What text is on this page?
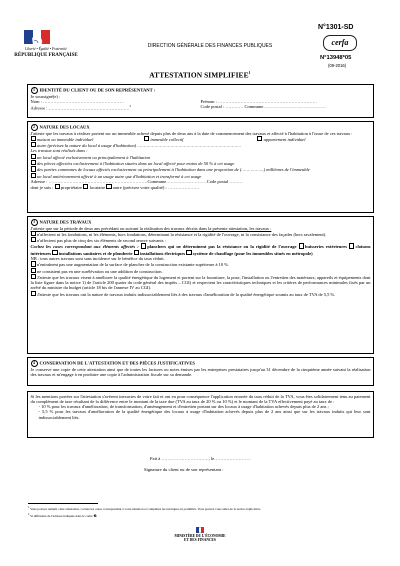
Liberté • Égalité • Fraternité
RÉPUBLIQUE FRANÇAISE
DIRECTION GÉNÉRALE DES FINANCES PUBLIQUES
N°1301-SD
cerfa
N°13948*05
(09-2016)
ATTESTATION SIMPLIFIEE$^1$

1 IDENTITÉ DU CLIENT OU DE SON REPRÉSENTANT :

Je soussigné(e) :

Nom : ………………………………………………	Prénom : …………………………………………………………
Adresse : ………………………………………………$^2$	Code postal : ………… Commune……………………………………

2 NATURE DES LOCAUX

J'atteste que les travaux à réaliser portent sur un immeuble achevé depuis plus de deux ans à la date de commencement des travaux et affecté à l'habitation à l'issue de ces travaux :

maison ou immeuble individuel	immeuble collectif	appartement individuel

autre (précisez la nature du local à usage d'habitation) ……………………………………………………………………

Les travaux sont réalisés dans :

un local affecté exclusivement ou principalement à l'habitation

des pièces affectées exclusivement à l'habitation situées dans un local affecté pour moins de 50 % à cet usage

des parties communes de locaux affectés exclusivement ou principalement à l'habitation dans une proportion de (……………..) millièmes de l'immeuble

un local antérieurement affecté à un usage autre que d'habitation et transformé à cet usage

Adresse : …………………………………………………………Commune………………………Code postal ………

dont je suis : propriétaire locataire autre (précisez votre qualité) : …………………

3 NATURE DES TRAVAUX

J'atteste que sur la période de deux ans précédant ou suivant la réalisation des travaux décrits dans la présente attestation, les travaux :

n'affectent ni les fondations, ni les éléments, hors fondations, déterminant la résistance et la rigidité de l'ouvrage, ni la consistance des façades (hors ravalement).

n'affectent pas plus de cinq des six éléments de second œuvre suivants :

Cochez les cases correspondant aux éléments affectés : planchers qui ne déterminent pas la résistance ou la rigidité de l'ouvrage huisseries extérieures cloisons intérieures installations sanitaires et de plomberie installations électriques système de chauffage (pour les immeubles situés en métropole)

NB : tous autres travaux sont sans incidence sur le bénéfice du taux réduit.

n'entraînent pas une augmentation de la surface de plancher de la construction existante supérieure à 10 %.

ne consistent pas en une surélévation ou une addition de construction.

J'atteste que les travaux visent à améliorer la qualité énergétique du logement et portent sur la fourniture, la pose, l'installation ou l'entretien des matériaux, appareils et équipements dont la liste figure dans la notice 1) de l'article 200 quater du code général des impôts – CGI) et respectent les caractéristiques techniques et les critères de performances minimales fixés par un arrêté du ministre du budget (article 18 bis de l'annexe IV au CGI).

J'atteste que les travaux ont la nature de travaux induits indissociablement liés à des travaux d'amélioration de la qualité énergétique soumis au taux de TVA de 5,5 %.

4 CONSERVATION DE L'ATTESTATION ET DES PIÈCES JUSTIFICATIVES

Je conserve une copie de cette attestation ainsi que de toutes les factures ou notes émises par les entreprises prestataires jusqu'au 31 décembre de la cinquième année suivant la réalisation des travaux et m'engage à en produire une copie à l'administration fiscale sur sa demande.

Si les mentions portées sur l'attestation s'avèrent inexactes de votre fait et ont eu pour conséquence l'application erronée du taux réduit de la TVA, vous êtes solidairement tenu au paiement du complément de taxe résultant de la différence entre le montant de la taxe due (TVA au taux de 20 % ou 10 %) et le montant de la TVA effectivement payé au taux de :

- 10 % pour les travaux d'amélioration, de transformation, d'aménagement et d'entretien portant sur des locaux à usage d'habitation achevés depuis plus de 2 ans ;

- 5,5 % pour les travaux d'amélioration de la qualité énergétique des locaux à usage d'habitation achevés depuis plus de 2 ans ainsi que sur les travaux induits qui leur sont indissociablement liés.

Fait à …………………………., le……………………
Signature du client ou de son représentant :
$^1$ Vous pouvez remplir cette attestation, cochez les cases correspondant à votre situation et complétez les rubriques en pointillés. Vous pouvez vous aider de la notice explicative.
$^2$ Si différente de l'adresse indiquée dans le cadre ❷.
MINISTÈRE DE L'ÉCONOMIE
ET DES FINANCES
